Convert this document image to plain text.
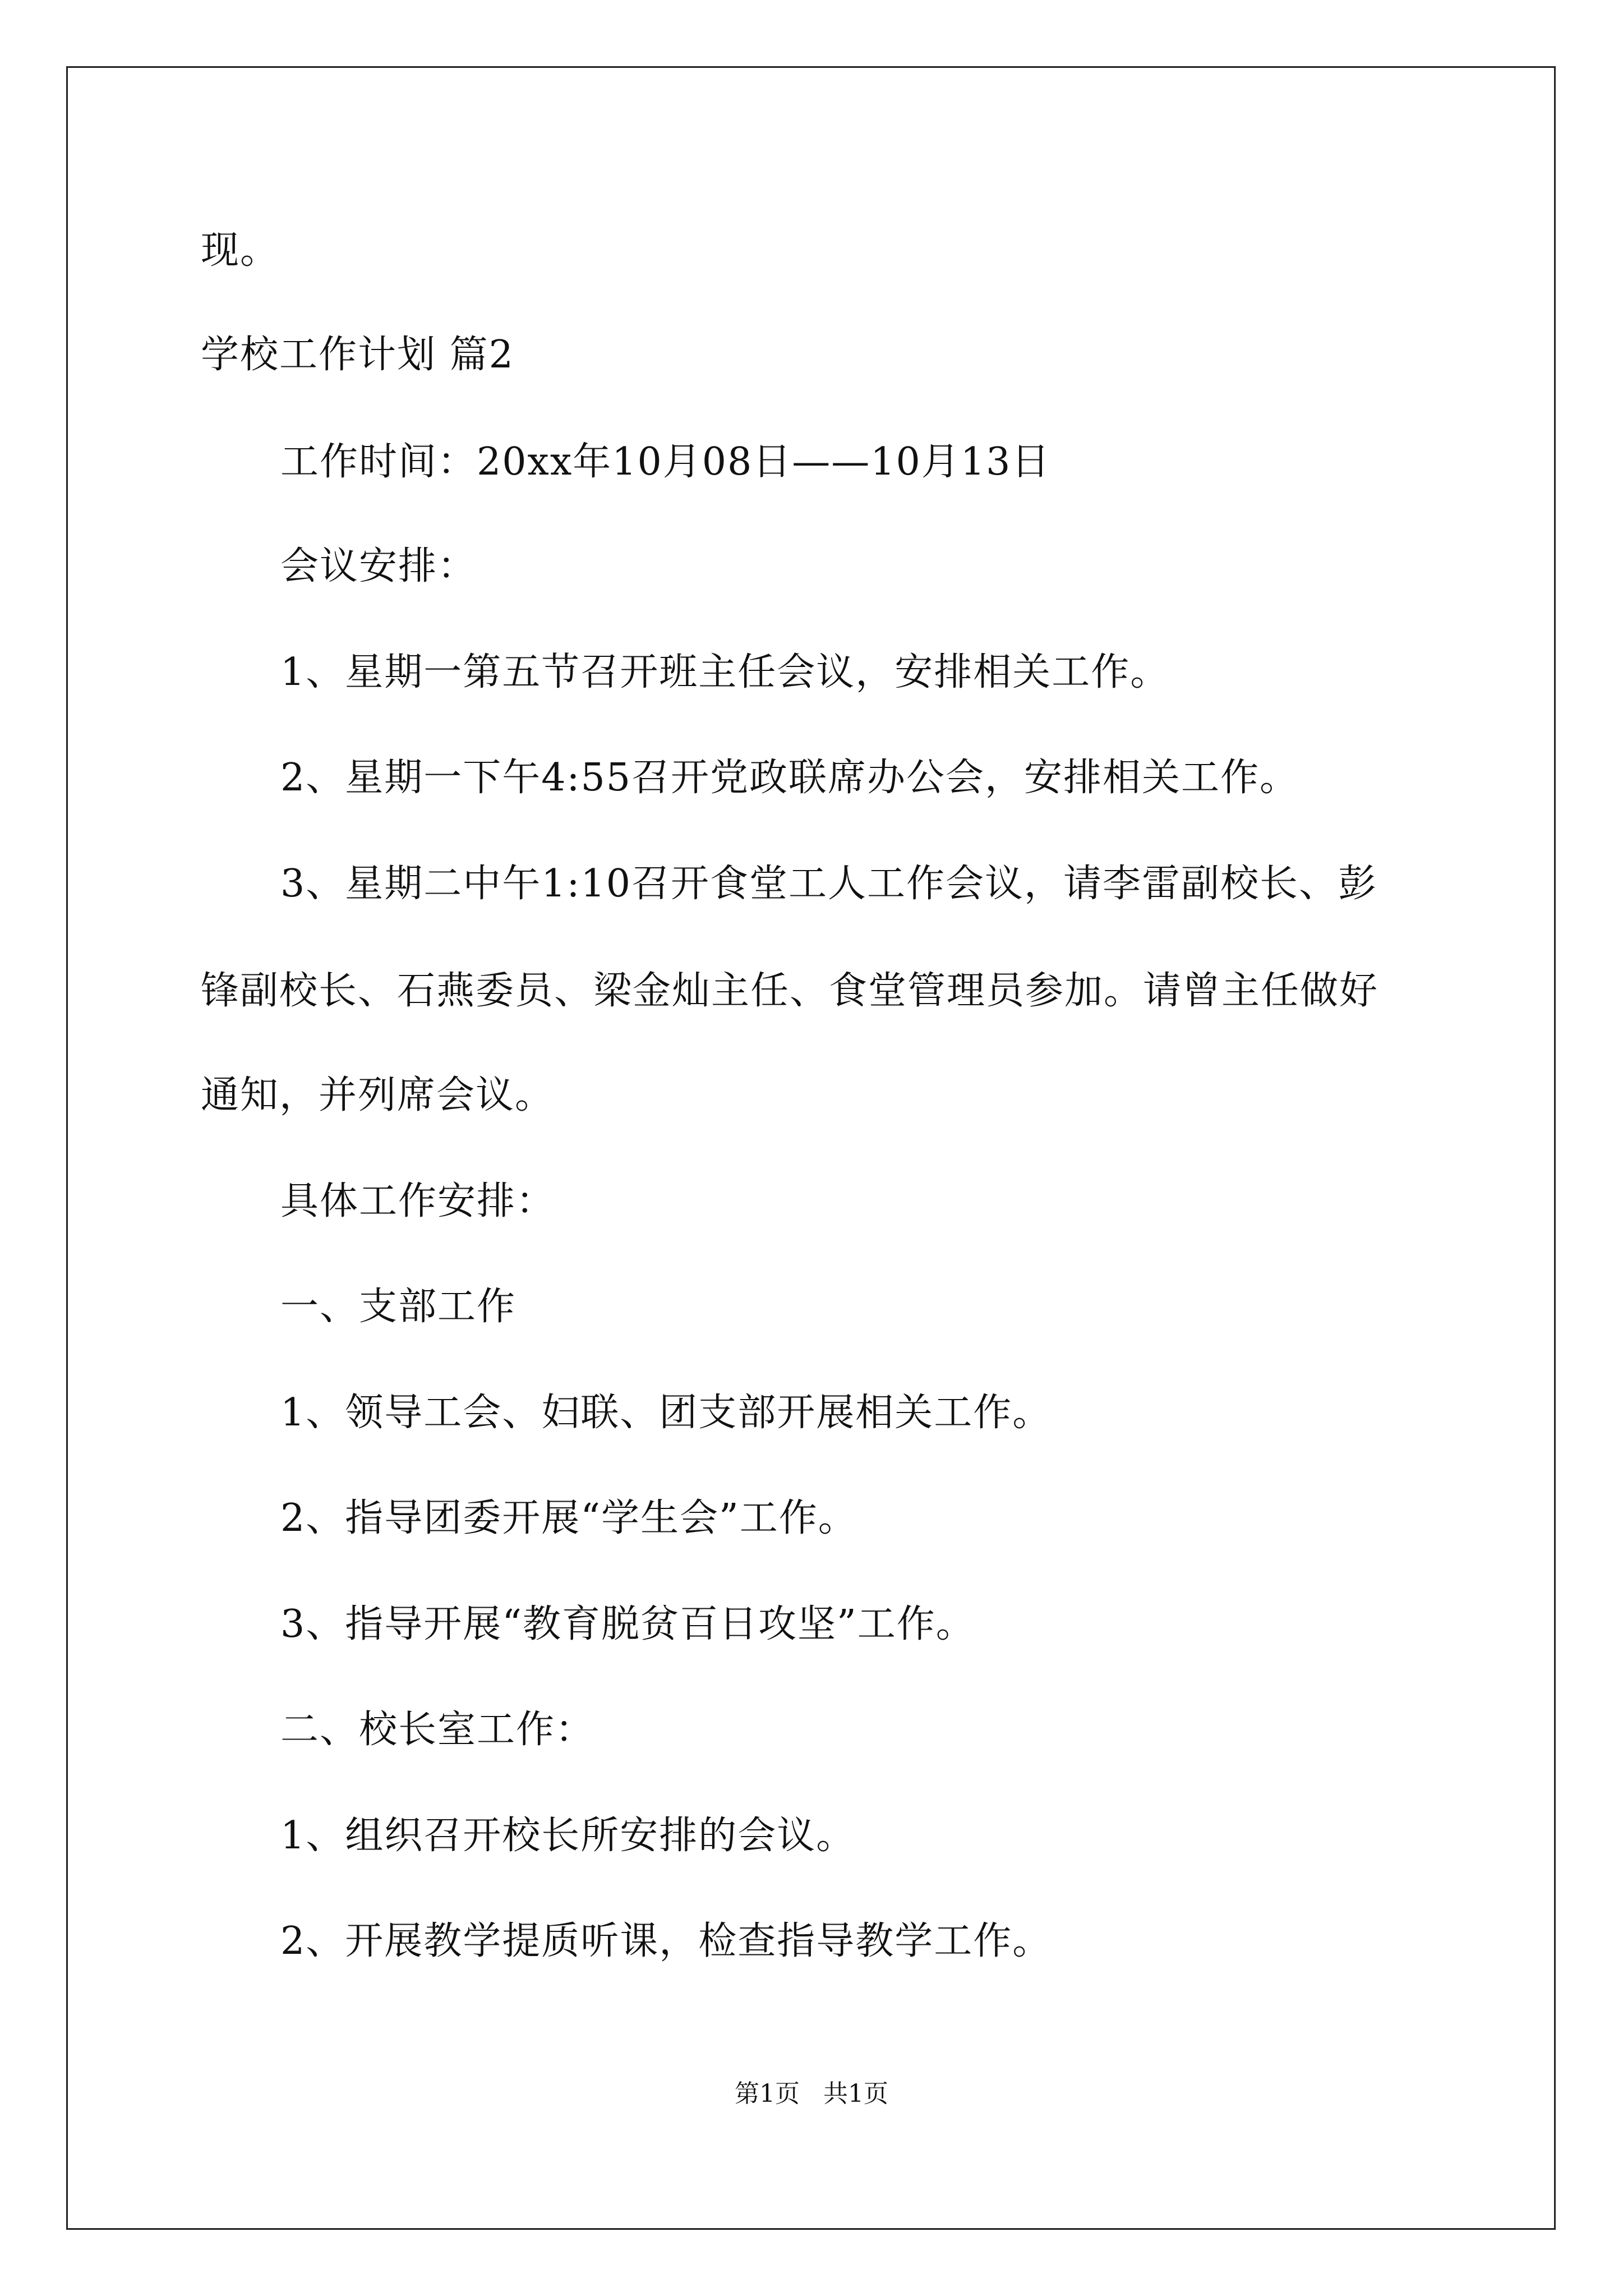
现。
学校工作计划 篇2
工作时间：20xx年10月08日——10月13日
会议安排：
1、星期一第五节召开班主任会议，安排相关工作。
2、星期一下午4:55召开党政联席办公会，安排相关工作。
3、星期二中午1:10召开食堂工人工作会议，请李雷副校长、彭
锋副校长、石燕委员、梁金灿主任、食堂管理员参加。请曾主任做好
通知，并列席会议。
具体工作安排：
一、支部工作
1、领导工会、妇联、团支部开展相关工作。
2、指导团委开展“学生会”工作。
3、指导开展“教育脱贫百日攻坚”工作。
二、校长室工作：
1、组织召开校长所安排的会议。
2、开展教学提质听课，检查指导教学工作。
第1页   共1页
